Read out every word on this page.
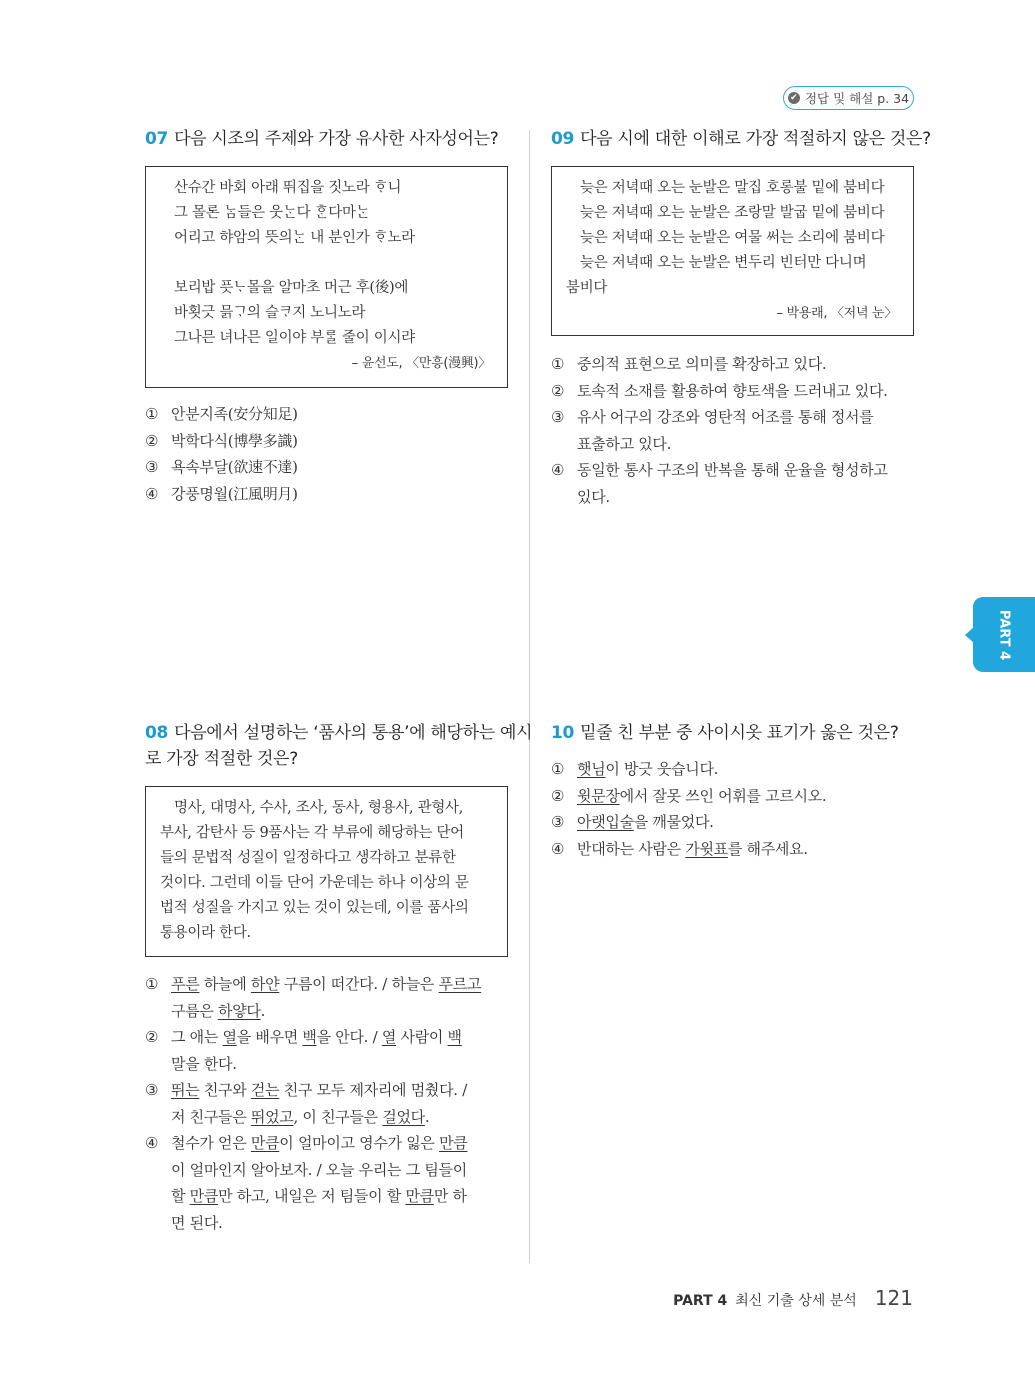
✔ 정답 및 해설 p. 34
07 다음 시조의 주제와 가장 유사한 사자성어는?
산슈간 바회 아래 뛰집을 짓노라 ᄒᆞ니
그 몰론 ᄂᆞᆷ들은 웃ᄂᆞᆫ다 ᄒᆞᆫ다마ᄂᆞᆫ
어리고 햐암의 뜻의ᄂᆞᆫ 내 분인가 ᄒᆞ노라
보리밥 픗ᄂᆞ몰을 알마초 머근 후(後)에
바횟긋 믉ᄀᆞ의 슬ᄏᆞ지 노니노라
그나믄 녀나믄 일이야 부ᄅᆞᆯ 줄이 이시랴
– 윤선도, 〈만흥(漫興)〉
① 안분지족(安分知足)
② 박학다식(博學多識)
③ 욕속부달(欲速不達)
④ 강풍명월(江風明月)
09 다음 시에 대한 이해로 가장 적절하지 않은 것은?
늦은 저녁때 오는 눈발은 말집 호롱불 밑에 붐비다
늦은 저녁때 오는 눈발은 조랑말 발굽 밑에 붐비다
늦은 저녁때 오는 눈발은 여물 써는 소리에 붐비다
늦은 저녁때 오는 눈발은 변두리 빈터만 다니며
붐비다
– 박용래, 〈저녁 눈〉
① 중의적 표현으로 의미를 확장하고 있다.
② 토속적 소재를 활용하여 향토색을 드러내고 있다.
③ 유사 어구의 강조와 영탄적 어조를 통해 정서를
표출하고 있다.
④ 동일한 통사 구조의 반복을 통해 운율을 형성하고
있다.
PART 4
08 다음에서 설명하는 ‘품사의 통용’에 해당하는 예시
로 가장 적절한 것은?
명사, 대명사, 수사, 조사, 동사, 형용사, 관형사,
부사, 감탄사 등 9품사는 각 부류에 해당하는 단어
들의 문법적 성질이 일정하다고 생각하고 분류한
것이다. 그런데 이들 단어 가운데는 하나 이상의 문
법적 성질을 가지고 있는 것이 있는데, 이를 품사의
통용이라 한다.
① 푸른 하늘에 하얀 구름이 떠간다. / 하늘은 푸르고
구름은 하얗다.
② 그 애는 열을 배우면 백을 안다. / 열 사람이 백
말을 한다.
③ 뛰는 친구와 걷는 친구 모두 제자리에 멈췄다. /
저 친구들은 뛰었고, 이 친구들은 걸었다.
④ 철수가 얻은 만큼이 얼마이고 영수가 잃은 만큼
이 얼마인지 알아보자. / 오늘 우리는 그 팀들이
할 만큼만 하고, 내일은 저 팀들이 할 만큼만 하
면 된다.
10 밑줄 친 부분 중 사이시옷 표기가 옳은 것은?
① 햇님이 방긋 웃습니다.
② 윗문장에서 잘못 쓰인 어휘를 고르시오.
③ 아랫입술을 깨물었다.
④ 반대하는 사람은 가윗표를 해주세요.
PART 4 최신 기출 상세 분석 121
